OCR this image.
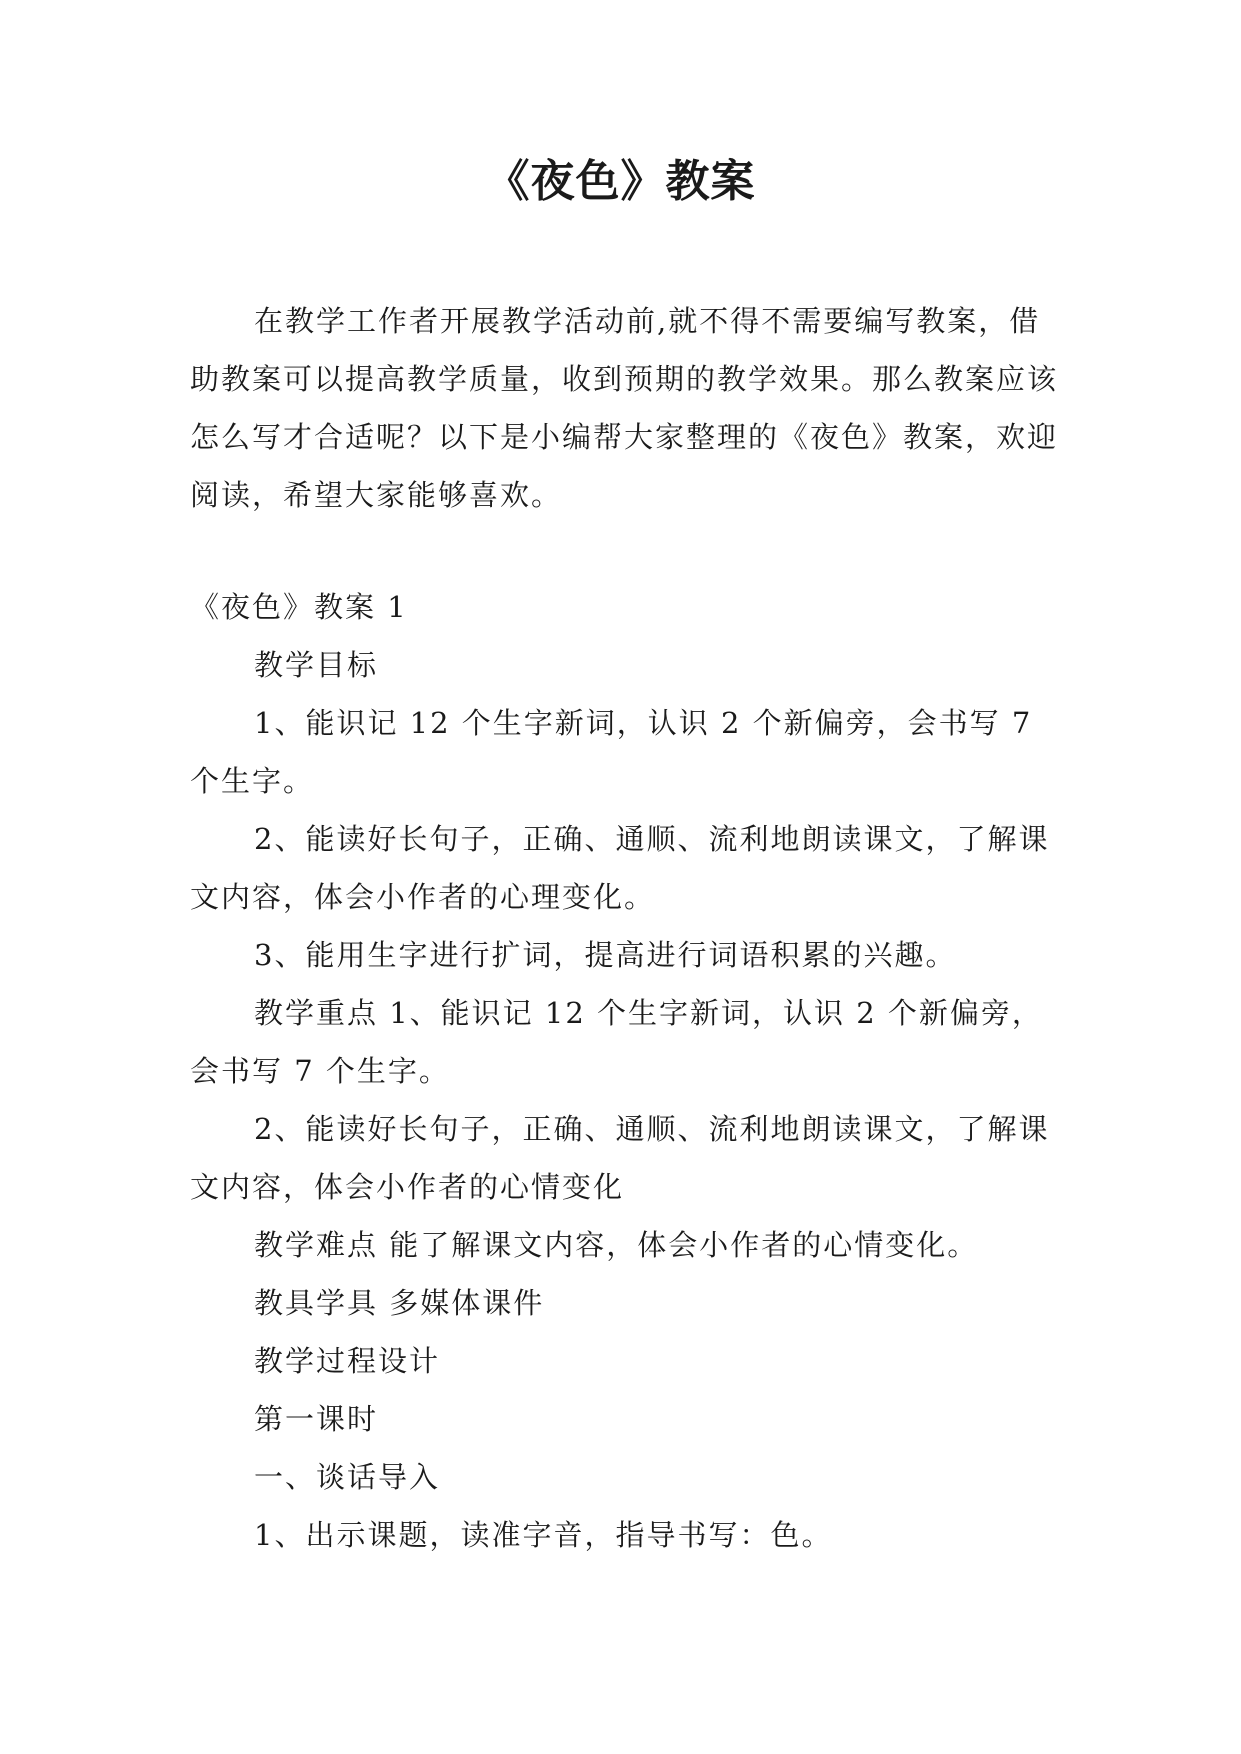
《夜色》教案

在教学工作者开展教学活动前,就不得不需要编写教案，借助教案可以提高教学质量，收到预期的教学效果。那么教案应该怎么写才合适呢？以下是小编帮大家整理的《夜色》教案，欢迎阅读，希望大家能够喜欢。

《夜色》教案 1

教学目标

1、能识记 12 个生字新词，认识 2 个新偏旁，会书写 7 个生字。

2、能读好长句子，正确、通顺、流利地朗读课文，了解课文内容，体会小作者的心理变化。

3、能用生字进行扩词，提高进行词语积累的兴趣。

教学重点 1、能识记 12 个生字新词，认识 2 个新偏旁，会书写 7 个生字。

2、能读好长句子，正确、通顺、流利地朗读课文，了解课文内容，体会小作者的心情变化

教学难点 能了解课文内容，体会小作者的心情变化。

教具学具 多媒体课件

教学过程设计

第一课时

一、谈话导入

1、出示课题，读准字音，指导书写：色。
